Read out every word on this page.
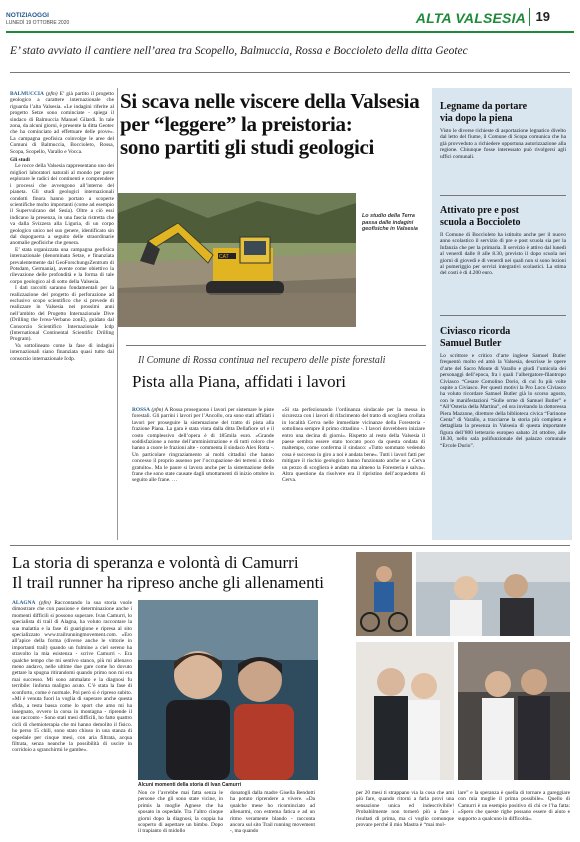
NOTIZIAOGGI
LUNEDÌ 19 OTTOBRE 2020	ALTA VALSESIA 19
E’ stato avviato il cantiere nell’area tra Scopello, Balmuccia, Rossa e Boccioleto della ditta Geotec
BALMUCCIA (pfm) E’ già partito il progetto geologico a carattere internazionale che riguarda l’alta Valsesia. «Le indagini riferite al progetto Setze sono cominciate - spiega il sindaco di Balmuccia Manuel Gilardi. In tale zona, da alcuni giorni, è presente la ditta Geotec che ha cominciato ad effettuare delle prove». La campagna geofisica coinvolge le aree del Comuni di Balmuccia, Boccioleto, Rossa, Scopa, Scopello, Varallo e Vocca.
Gli studi
Le rocce della Valsesia rappresentano uno dei migliori laboratori naturali al mondo per poter esplorare le radici dei continenti e comprendere i processi che avvengono all’interno del pianeta. Gli studi geologici internazionali condotti finora hanno portato a scoperte scientifiche molto importanti (come ad esempio il Supervulcano del Sesia). Oltre a ciò essi indicano la presenza, in una fascia ristretta che va dalla Svizzera alla Liguria, di un corpo geologico unico nel suo genere, identificato sin dal dopoguerra a seguito delle straordinarie anomalie geofisiche che genera.
E’ stata organizzata una campagna geofisica internazionale (denominata Setze, e finanziata prevalentemente dal GeoForschungsZentrum di Potsdam, Germania), avente come obiettivo la rilevazione delle profondità e la forma di tale corpo geologico al di sotto della Valsesia.
I dati raccolti saranno fondamentali per la realizzazione del progetto di perforazione ad esclusivo scopo scientifico che si prevede di realizzare in Valsesia nei prossimi anni nell’ambito del Progetto Internazionale Dive (Drilling the Ivrea-Verbano zonE), guidato dal Consorzio Scientifico Internazionale Icdp (International Continental Scientific Drilling Program).
Va sottolineato come la fase di indagini internazionali siano finanziata quasi tutto dal consorzio internazionale Icdp.
Si scava nelle viscere della Valsesia
per “leggere” la preistoria:
sono partiti gli studi geologici
CAT
Lo studio della Terra passa dalle indagini geofisiche in Valsesia
Il Comune di Rossa continua nel recupero delle piste forestali
Pista alla Piana, affidati i lavori
ROSSA (pfm) A Rossa proseguono i lavori per sistemare le piste forestali. Gli parrini i lavori per l’Ancollo, ora sono stati affidati i lavori per proseguire la sistemazione del tratto di pista alla frazione Piana. La gara è stata vinta dalla ditta Dellafiore srl e il costo complessivo dell’opera è di 185mila euro. «Grande soddisfazione a nome dell’amministrazione e di tutti coloro che hanno a cuore le frazioni alte - commenta il sindaco Alex Rotta -. Un particolare ringraziamento ai molti cittadini che hanno concesso il proprio assenso per l’occupazione dei terreni a titolo gratuito». Ma le paure si lavora anche per la sistemazione delle frane che sono state causate dagli smottamenti di inizio ottobre in seguito alle frane. …
«Si sta perfezionando l’ordinanza sindacale per la messa in sicurezza con i lavori di rifacimento del tratto di scogliera crollata in località Cerva nelle immediate vicinanze della Foresteria - sottolinea sempre il primo cittadino -. I lavori dovrebbero iniziare entro una decina di giorni». Rispetto al resto della Valsesia il paese sembra essere stato toccato poco da questa ondata di maltempo, come conferma il sindaco: «Tutto sommato vedendo cosa è successo in giro a noi è andata bene». Tutti i lavori fatti per mitigare il rischio geologico hanno funzionato anche se a Cerva un pezzo di scogliera è andato ma almeno la Foresteria è salva». Altra questione da risolvere era il ripristino dell’acquedotto di Cerva.
Legname da portare
via dopo la piena
Visto le diverse richieste di asportazione legnatico divelto dal letto del fiume, il Comune di Scopa comunica che ha già provveduto a richiedere opportuna autorizzazione alla regione. Chiunque fosse interessato può rivolgersi agli uffici comunali.
Attivato pre e post
scuola a Boccioleto
Il Comune di Boccioleto ha istituito anche per il nuovo anno scolastico il servizio di pre e post scuola sia per la Infanzia che per la primaria. Il servizio è attivo dal lunedì al venerdì dalle 8 alle 8.30, previsto il dopo scuola nei giorni di giovedì e di venerdì nei quali non si sono lezioni al pomeriggio per servizi integrativi scolastici. La stima del costi è di 4.200 euro.
Civiasco ricorda
Samuel Butler
Lo scrittore e critico d’arte inglese Samuel Butler frequentò molto ed amò la Valsesia, descrisse le opere d’arte del Sacro Monte di Varallo e giudì l’umicola dei personaggi dell’epoca, fra i quali l’albergatore-filantropo Civiasco “Cesare Comolino Dorio, di cui fu più volte ospite a Civiasco. Per questi motivi la Pro Loco Civiasco ha voluto ricordare Samuel Butler già lo scorso agosto, con le manifestazioni “Sulle orme di Samuel Butler” e “All’Osteria della Martina”, ed ora invitando la dottoressa Piera Mazzone, direttore della biblioteca civica “Farinone Centa” di Varallo, a tracciarne la storia più completa e dettagliata la presenza in Valsesia di questa importante figura dell’800 letterario europeo sabato 24 ottobre, alle 18.30, nello sala polifunzionale del palazzo comunale “Ercole Durio”.
La storia di speranza e volontà di Camurri
Il trail runner ha ripreso anche gli allenamenti
ALAGNA (pfm) Raccontando la sua storia vuole dimostrare che con passione e determinazione anche i momenti difficili si possono superare. Ivan Camurri, lo specialista di trail di Alagna, ha voluto raccontare la sua malattia e la fase di guarigione e ripresa al sito specializzato www.trailrunningmovement.com. «Ero all’apice della forma (diverse anche le vittorie in importanti trail) quando un fulmine a ciel sereno ha stravolto la mia esistenza - scrive Camurri -. Era qualche tempo che mi sentivo stanco, più mi allenavo meno andavo, nelle ultime due gare come ho dovuto gettare la spugna ritirandomi quando primo non mi era mai successo. Mi sono ammalato e la diagnosi fu terribile: linfoma maligno acuto. C’è stata la fase di sconforto, come è normale. Poi però si è ripreso subito. «Mi è venuta fuori la voglia di superare anche questa sfida, a testa bassa come lo sport che amo mi ha insegnato, ovvero la corsa in montagna - riprende il suo racconto - Sono stati mesi difficili, ho fatto quattro cicli di chemioterapia che mi hanno demolito il fisico. ho perso 15 chili, sono stato chiuso in una stanza di ospedale per cinque mesi, con aria filtrata, acqua filtrata, senza neanche la possibilità di uscire in corridoio a sgranchirmi le gambe».
Alcuni momenti della storia di Ivan Camurri
Non ce l’avrebbe mai fatta senza le persone che gli sono state vicine, in primis la moglie Agnese che ha sposato in ospedale. Tra l’altro cinque giorni dopo la diagnosi, la coppia ha scoperto di aspettare un bimbo. Dopo il trapianto di midollo
donatogli dalla madre Gisella Bendotti ha potuto riprendere a vivere. «Da qualche mese ho ricominciato ad allenarmi, con estrema fatica e ad un ritmo veramente blando - racconta ancora sul sito Trail running movement -, ma quando
per 20 mesi ti strappano via la cosa che ami più fare, quando ritorni a farla provi una sensazione unica ed indescrivibile! Probabilmente non tornerò più a fare i risultati di prima, ma ci voglio comunque provare perché il mio Mastra è “mai mol-
lare” e la speranza è quella di tornare a gareggiare con mia moglie il prima possibile». Quello di Camurri è un esempio positivo di chi ce l’ha fatta: «Spero che queste righe possano essere di aiuto e supporto a qualcuno in difficoltà».
